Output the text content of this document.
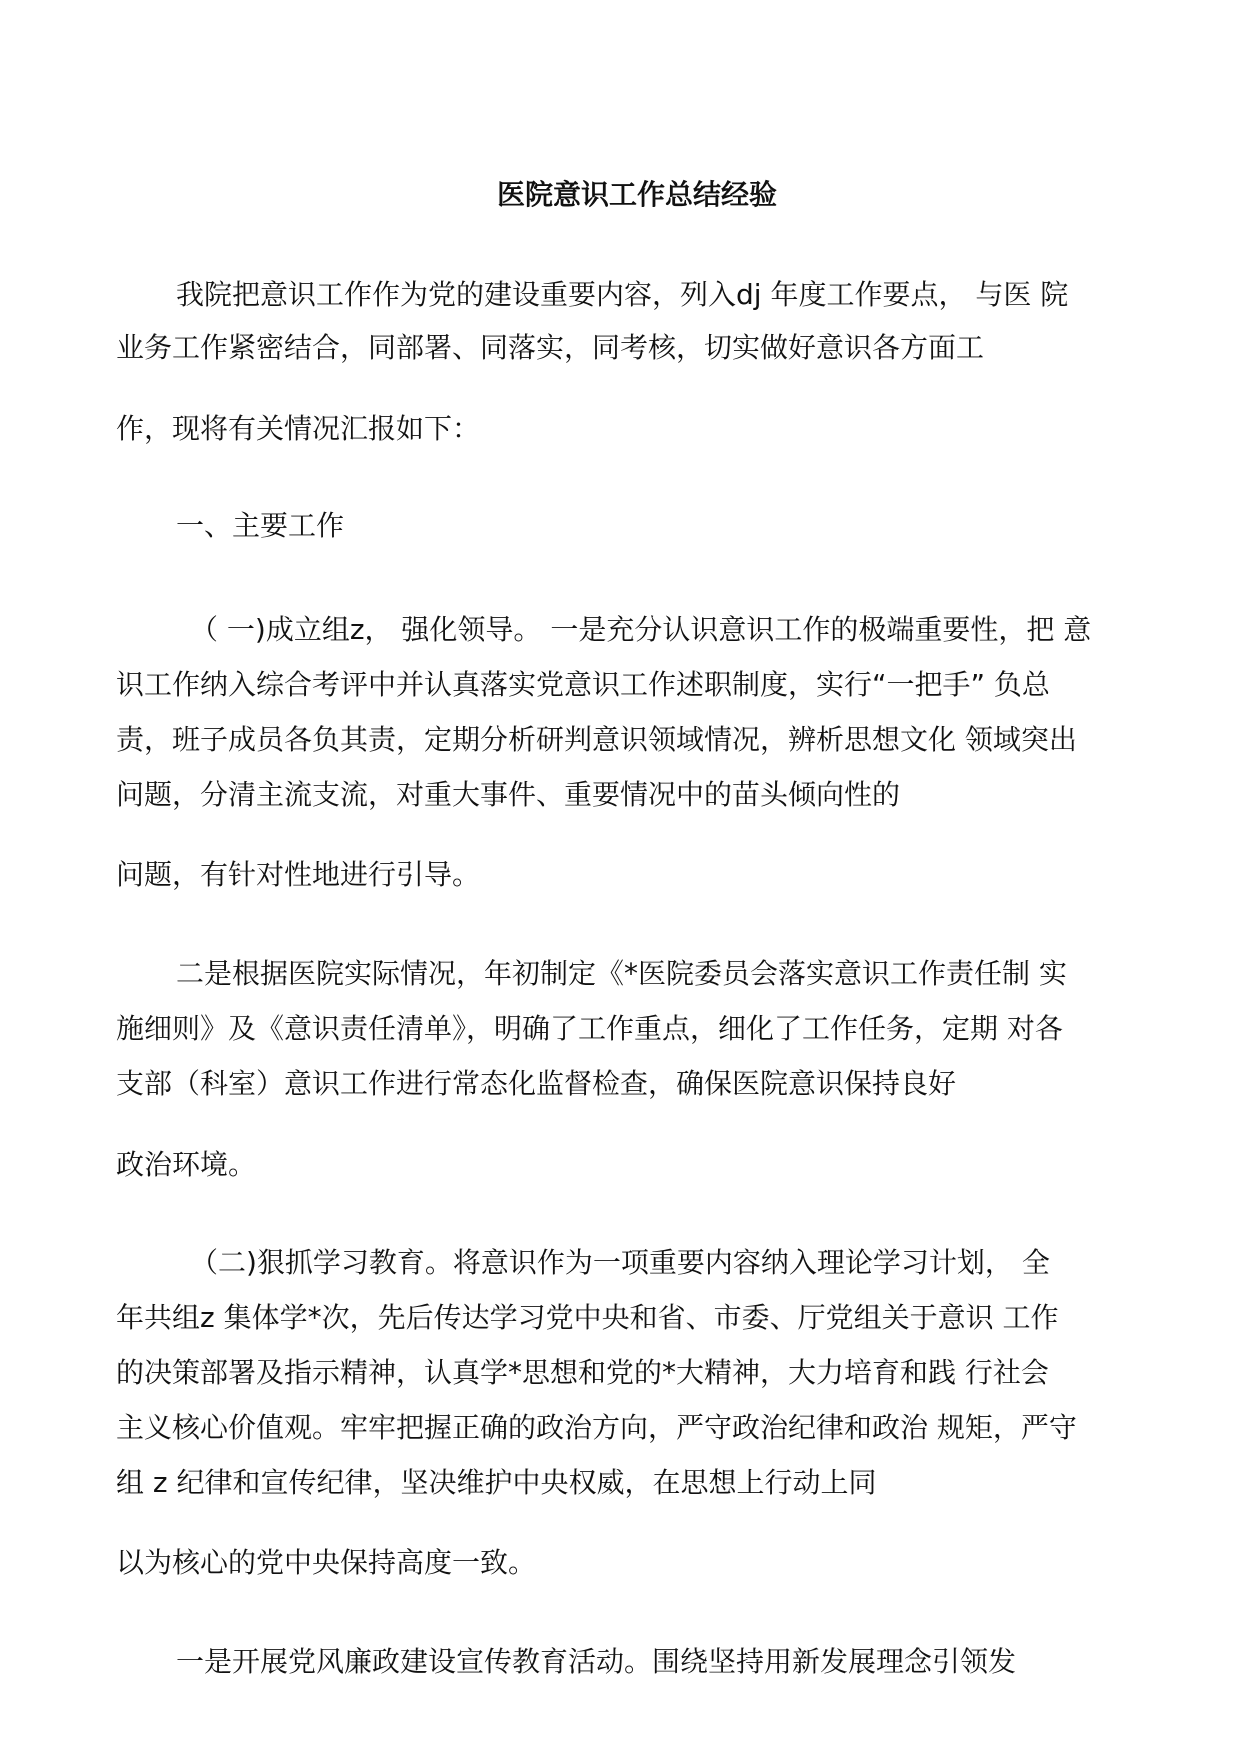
医院意识工作总结经验

我院把意识工作作为党的建设重要内容，列入dj 年度工作要点， 与医 院

业务工作紧密结合，同部署、同落实，同考核，切实做好意识各方面工

作，现将有关情况汇报如下：

一、主要工作

（ 一)成立组z， 强化领导。 一是充分认识意识工作的极端重要性，把 意

识工作纳入综合考评中并认真落实党意识工作述职制度，实行“一把手” 负总

责，班子成员各负其责，定期分析研判意识领域情况，辨析思想文化 领域突出

问题，分清主流支流，对重大事件、重要情况中的苗头倾向性的

问题，有针对性地进行引导。

二是根据医院实际情况，年初制定《*医院委员会落实意识工作责任制 实

施细则》及《意识责任清单》，明确了工作重点，细化了工作任务，定期 对各

支部（科室）意识工作进行常态化监督检查，确保医院意识保持良好

政治环境。

（二)狠抓学习教育。将意识作为一项重要内容纳入理论学习计划， 全

年共组z 集体学*次，先后传达学习党中央和省、市委、厅党组关于意识 工作

的决策部署及指示精神，认真学*思想和党的*大精神，大力培育和践 行社会

主义核心价值观。牢牢把握正确的政治方向，严守政治纪律和政治 规矩，严守

组 z 纪律和宣传纪律，坚决维护中央权威，在思想上行动上同

以为核心的党中央保持高度一致。

一是开展党风廉政建设宣传教育活动。围绕坚持用新发展理念引领发
